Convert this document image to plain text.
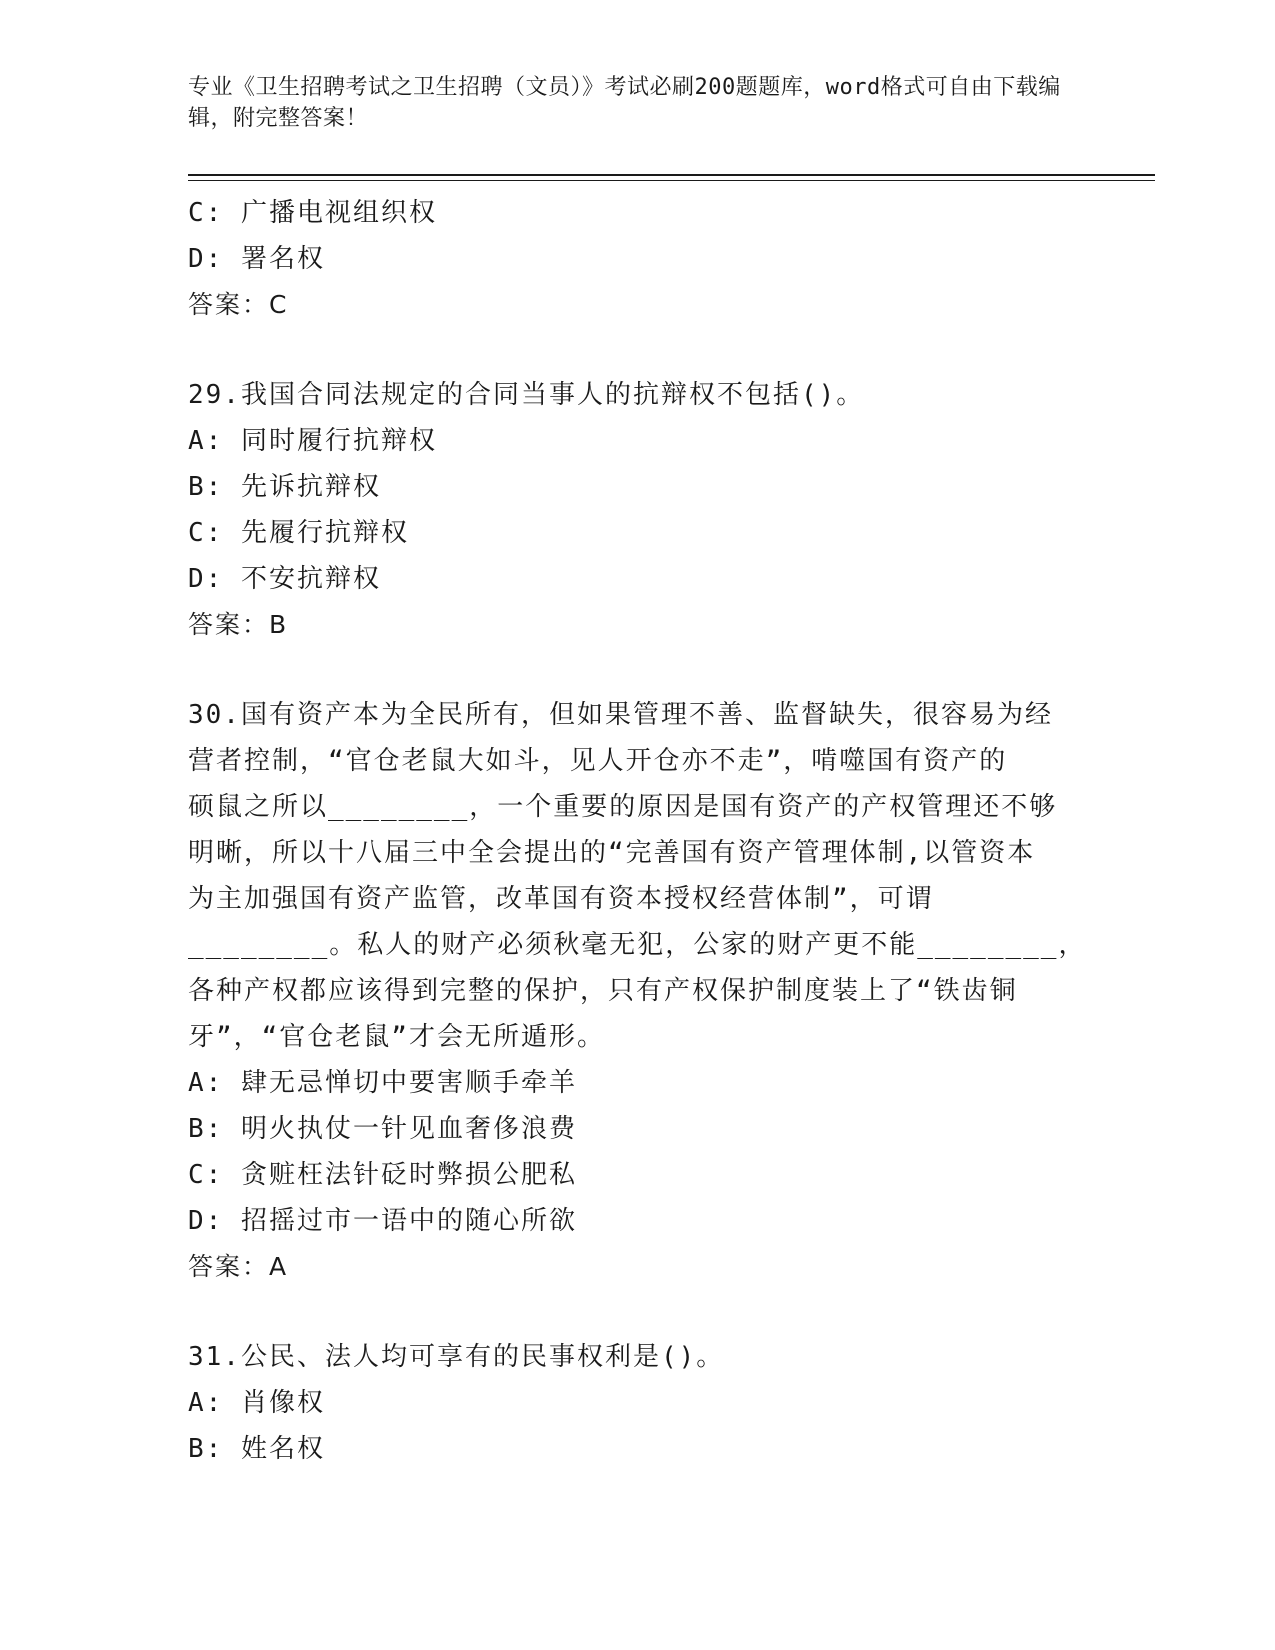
专业《卫生招聘考试之卫生招聘（文员）》考试必刷200题题库，word格式可自由下载编辑，附完整答案！
C: 广播电视组织权
D: 署名权
答案：C
29.我国合同法规定的合同当事人的抗辩权不包括()。
A: 同时履行抗辩权
B: 先诉抗辩权
C: 先履行抗辩权
D: 不安抗辩权
答案：B
30.国有资产本为全民所有，但如果管理不善、监督缺失，很容易为经
营者控制，“官仓老鼠大如斗，见人开仓亦不走”，啃噬国有资产的
硕鼠之所以________，一个重要的原因是国有资产的产权管理还不够
明晰，所以十八届三中全会提出的“完善国有资产管理体制,以管资本
为主加强国有资产监管，改革国有资本授权经营体制”，可谓
________。私人的财产必须秋毫无犯，公家的财产更不能________，
各种产权都应该得到完整的保护，只有产权保护制度装上了“铁齿铜
牙”，“官仓老鼠”才会无所遁形。
A: 肆无忌惮切中要害顺手牵羊
B: 明火执仗一针见血奢侈浪费
C: 贪赃枉法针砭时弊损公肥私
D: 招摇过市一语中的随心所欲
答案：A
31.公民、法人均可享有的民事权利是()。
A: 肖像权
B: 姓名权
